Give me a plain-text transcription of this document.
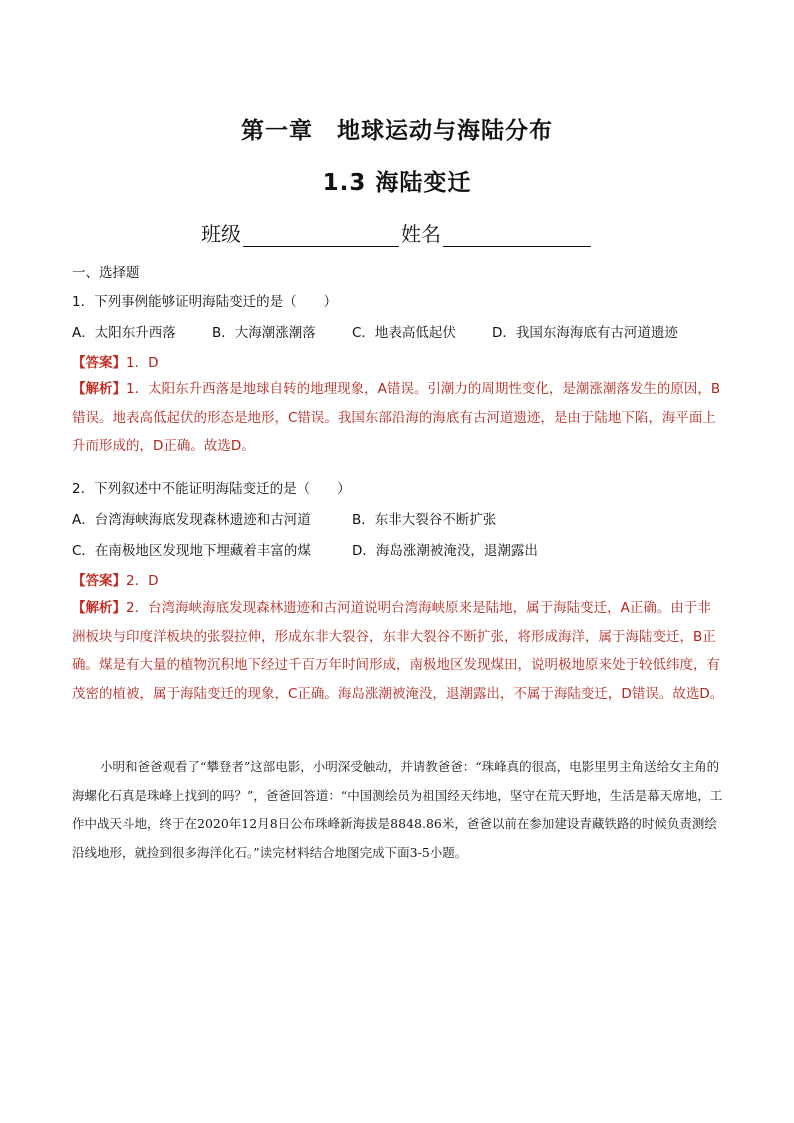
第一章　地球运动与海陆分布
1.3 海陆变迁
班级	姓名
一、选择题
1．下列事例能够证明海陆变迁的是（　　）
A．太阳东升西落	B．大海潮涨潮落	C．地表高低起伏	D．我国东海海底有古河道遗迹
【答案】1．D
【解析】1．太阳东升西落是地球自转的地理现象，A错误。引潮力的周期性变化，是潮涨潮落发生的原因，B错误。地表高低起伏的形态是地形，C错误。我国东部沿海的海底有古河道遗迹，是由于陆地下陷，海平面上升而形成的，D正确。故选D。
2．下列叙述中不能证明海陆变迁的是（　　）
A．台湾海峡海底发现森林遗迹和古河道	B．东非大裂谷不断扩张
C．在南极地区发现地下埋藏着丰富的煤	D．海岛涨潮被淹没，退潮露出
【答案】2．D
【解析】2．台湾海峡海底发现森林遗迹和古河道说明台湾海峡原来是陆地，属于海陆变迁，A正确。由于非洲板块与印度洋板块的张裂拉伸，形成东非大裂谷，东非大裂谷不断扩张，将形成海洋，属于海陆变迁，B正确。煤是有大量的植物沉积地下经过千百万年时间形成，南极地区发现煤田，说明极地原来处于较低纬度，有茂密的植被，属于海陆变迁的现象，C正确。海岛涨潮被淹没，退潮露出，不属于海陆变迁，D错误。故选D。
小明和爸爸观看了“攀登者”这部电影，小明深受触动，并请教爸爸：“珠峰真的很高，电影里男主角送给女主角的海螺化石真是珠峰上找到的吗？”，爸爸回答道：“中国测绘员为祖国经天纬地，坚守在荒天野地，生活是幕天席地，工作中战天斗地，终于在2020年12月8日公布珠峰新海拔是8848.86米，爸爸以前在参加建设青藏铁路的时候负责测绘沿线地形，就捡到很多海洋化石。”读完材料结合地图完成下面3-5小题。
